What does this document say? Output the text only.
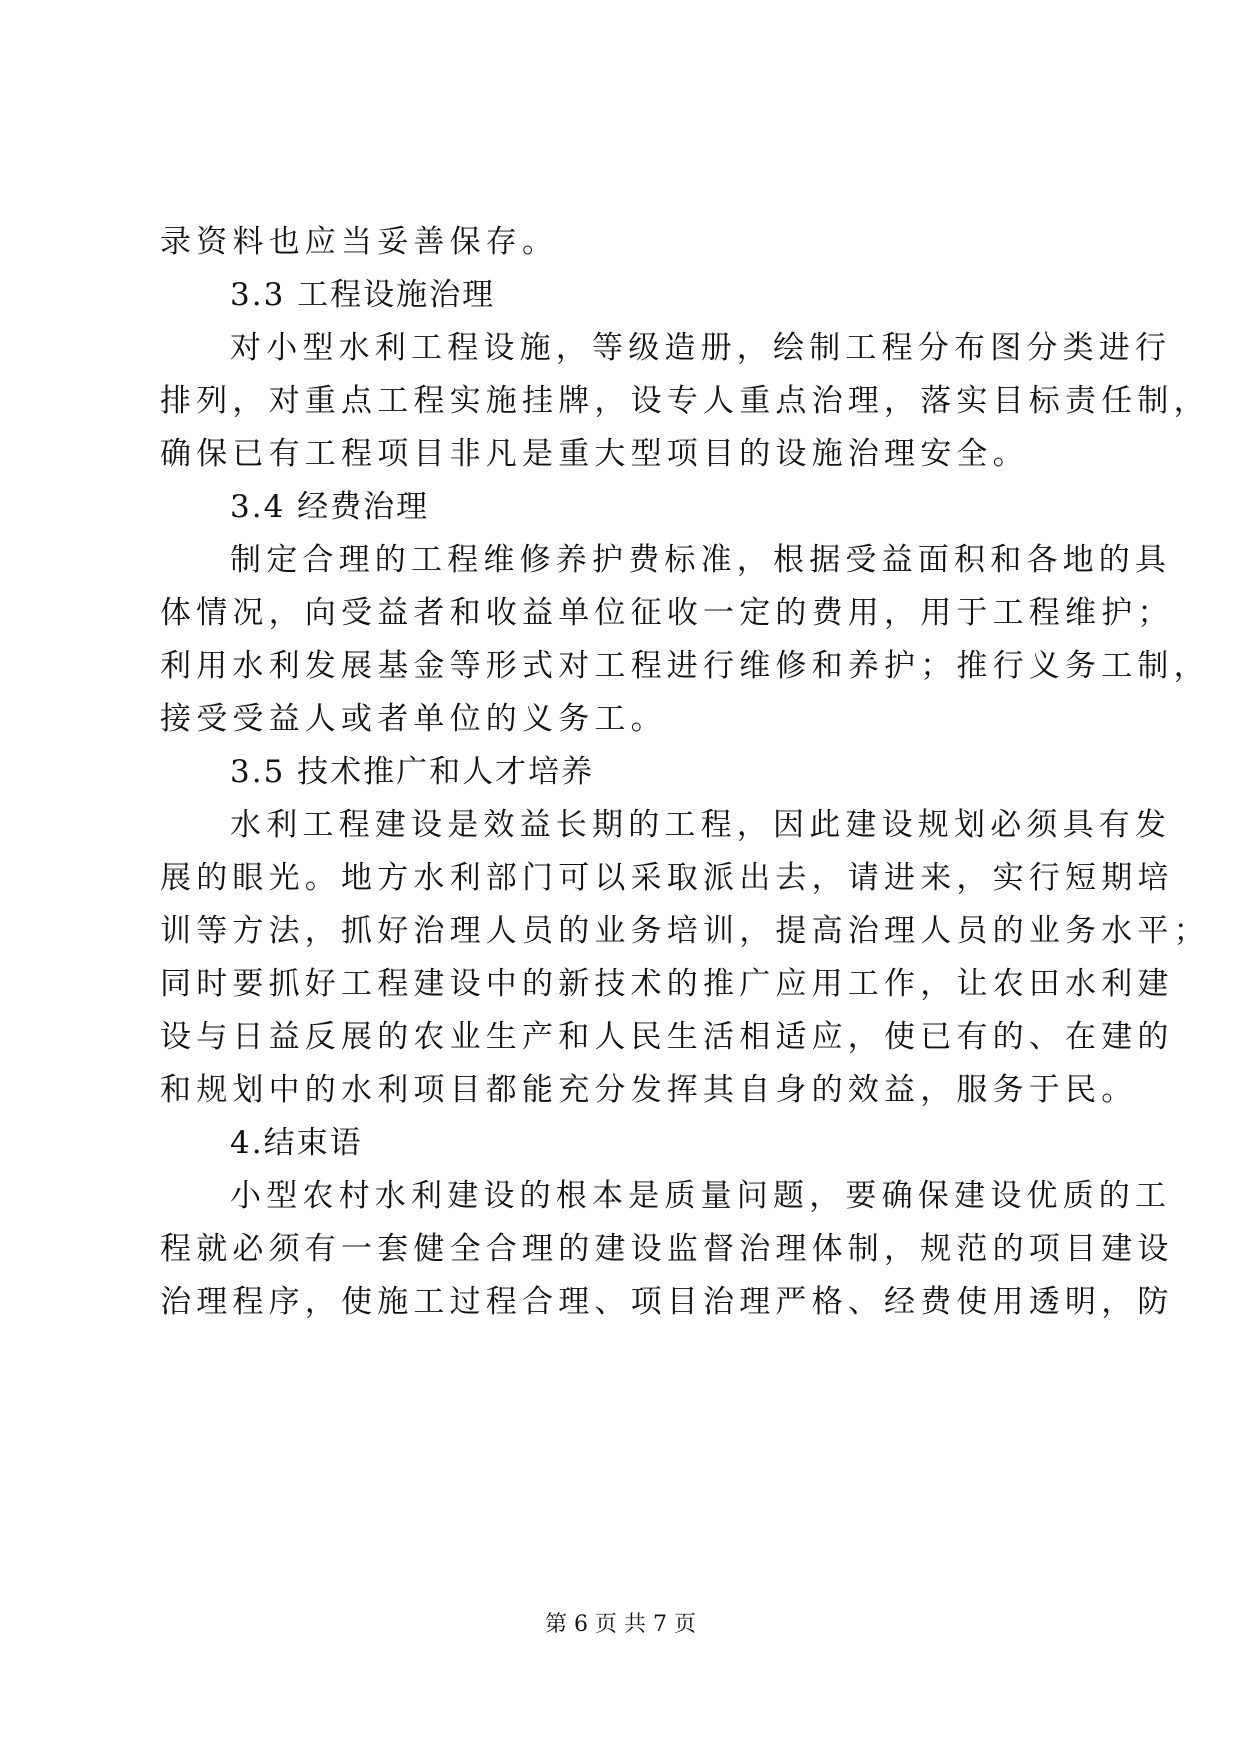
录资料也应当妥善保存。
3.3 工程设施治理
对小型水利工程设施，等级造册，绘制工程分布图分类进行
排列，对重点工程实施挂牌，设专人重点治理，落实目标责任制，
确保已有工程项目非凡是重大型项目的设施治理安全。
3.4 经费治理
制定合理的工程维修养护费标准，根据受益面积和各地的具
体情况，向受益者和收益单位征收一定的费用，用于工程维护；
利用水利发展基金等形式对工程进行维修和养护；推行义务工制，
接受受益人或者单位的义务工。
3.5 技术推广和人才培养
水利工程建设是效益长期的工程，因此建设规划必须具有发
展的眼光。地方水利部门可以采取派出去，请进来，实行短期培
训等方法，抓好治理人员的业务培训，提高治理人员的业务水平；
同时要抓好工程建设中的新技术的推广应用工作，让农田水利建
设与日益反展的农业生产和人民生活相适应，使已有的、在建的
和规划中的水利项目都能充分发挥其自身的效益，服务于民。
4.结束语
小型农村水利建设的根本是质量问题，要确保建设优质的工
程就必须有一套健全合理的建设监督治理体制，规范的项目建设
治理程序，使施工过程合理、项目治理严格、经费使用透明，防
第 6 页 共 7 页
